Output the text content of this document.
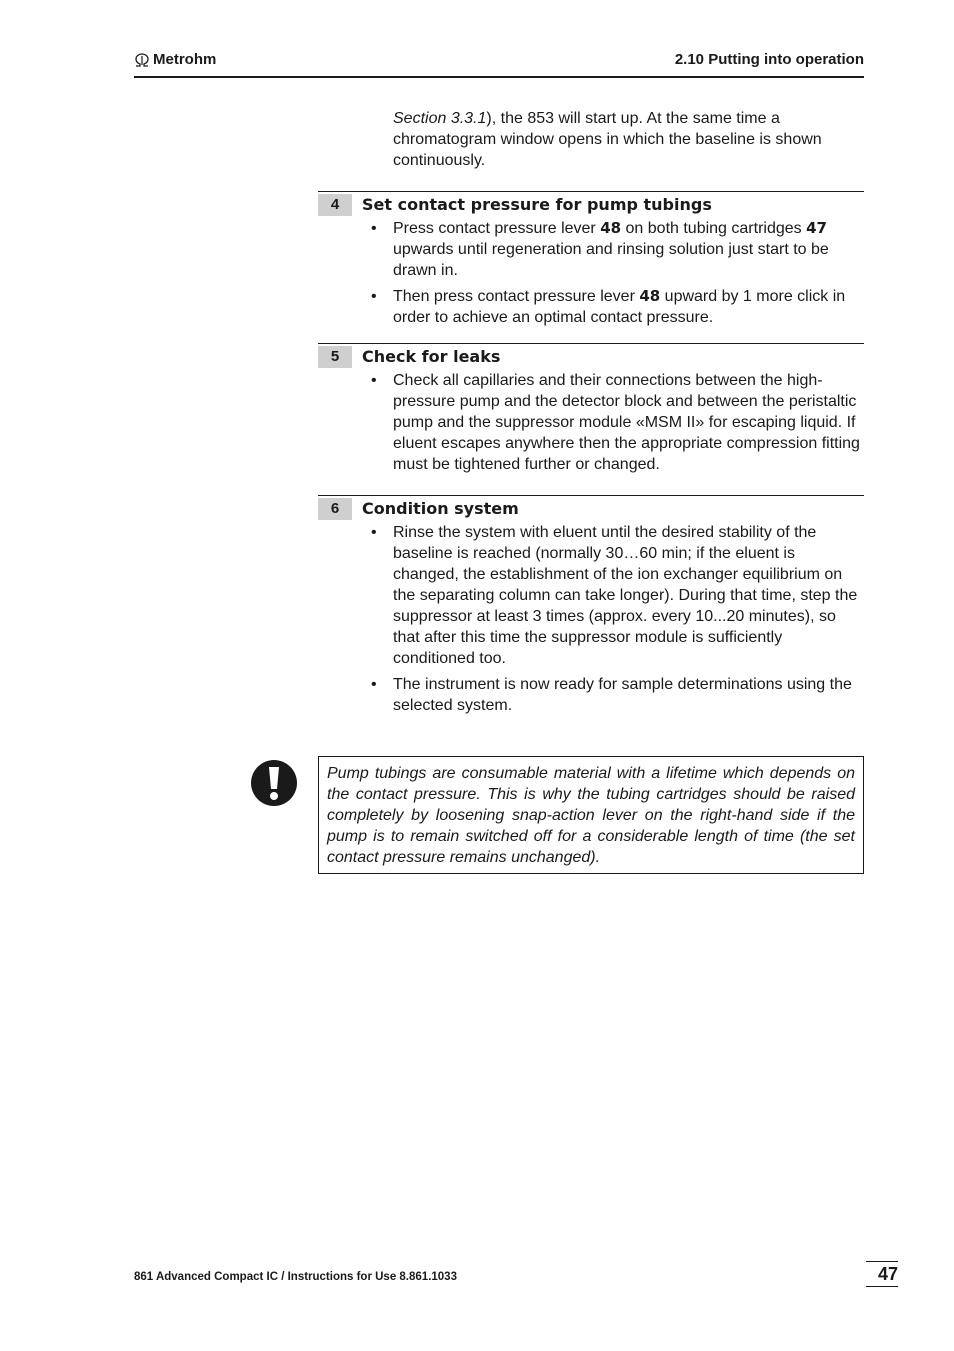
Metrohm	2.10 Putting into operation
Section 3.3.1), the 853 will start up. At the same time a chromatogram window opens in which the baseline is shown continuously.
4	Set contact pressure for pump tubings
• Press contact pressure lever 48 on both tubing cartridges 47 upwards until regeneration and rinsing solution just start to be drawn in.
• Then press contact pressure lever 48 upward by 1 more click in order to achieve an optimal contact pressure.
5	Check for leaks
• Check all capillaries and their connections between the high-pressure pump and the detector block and between the peristaltic pump and the suppressor module «MSM II» for escaping liquid. If eluent escapes anywhere then the appropriate compression fitting must be tightened further or changed.
6	Condition system
• Rinse the system with eluent until the desired stability of the baseline is reached (normally 30…60 min; if the eluent is changed, the establishment of the ion exchanger equilibrium on the separating column can take longer). During that time, step the suppressor at least 3 times (approx. every 10...20 minutes), so that after this time the suppressor module is sufficiently conditioned too.
• The instrument is now ready for sample determinations using the selected system.
Pump tubings are consumable material with a lifetime which depends on the contact pressure. This is why the tubing cartridges should be raised completely by loosening snap-action lever on the right-hand side if the pump is to remain switched off for a considerable length of time (the set contact pressure remains unchanged).
861 Advanced Compact IC / Instructions for Use 8.861.1033	47
